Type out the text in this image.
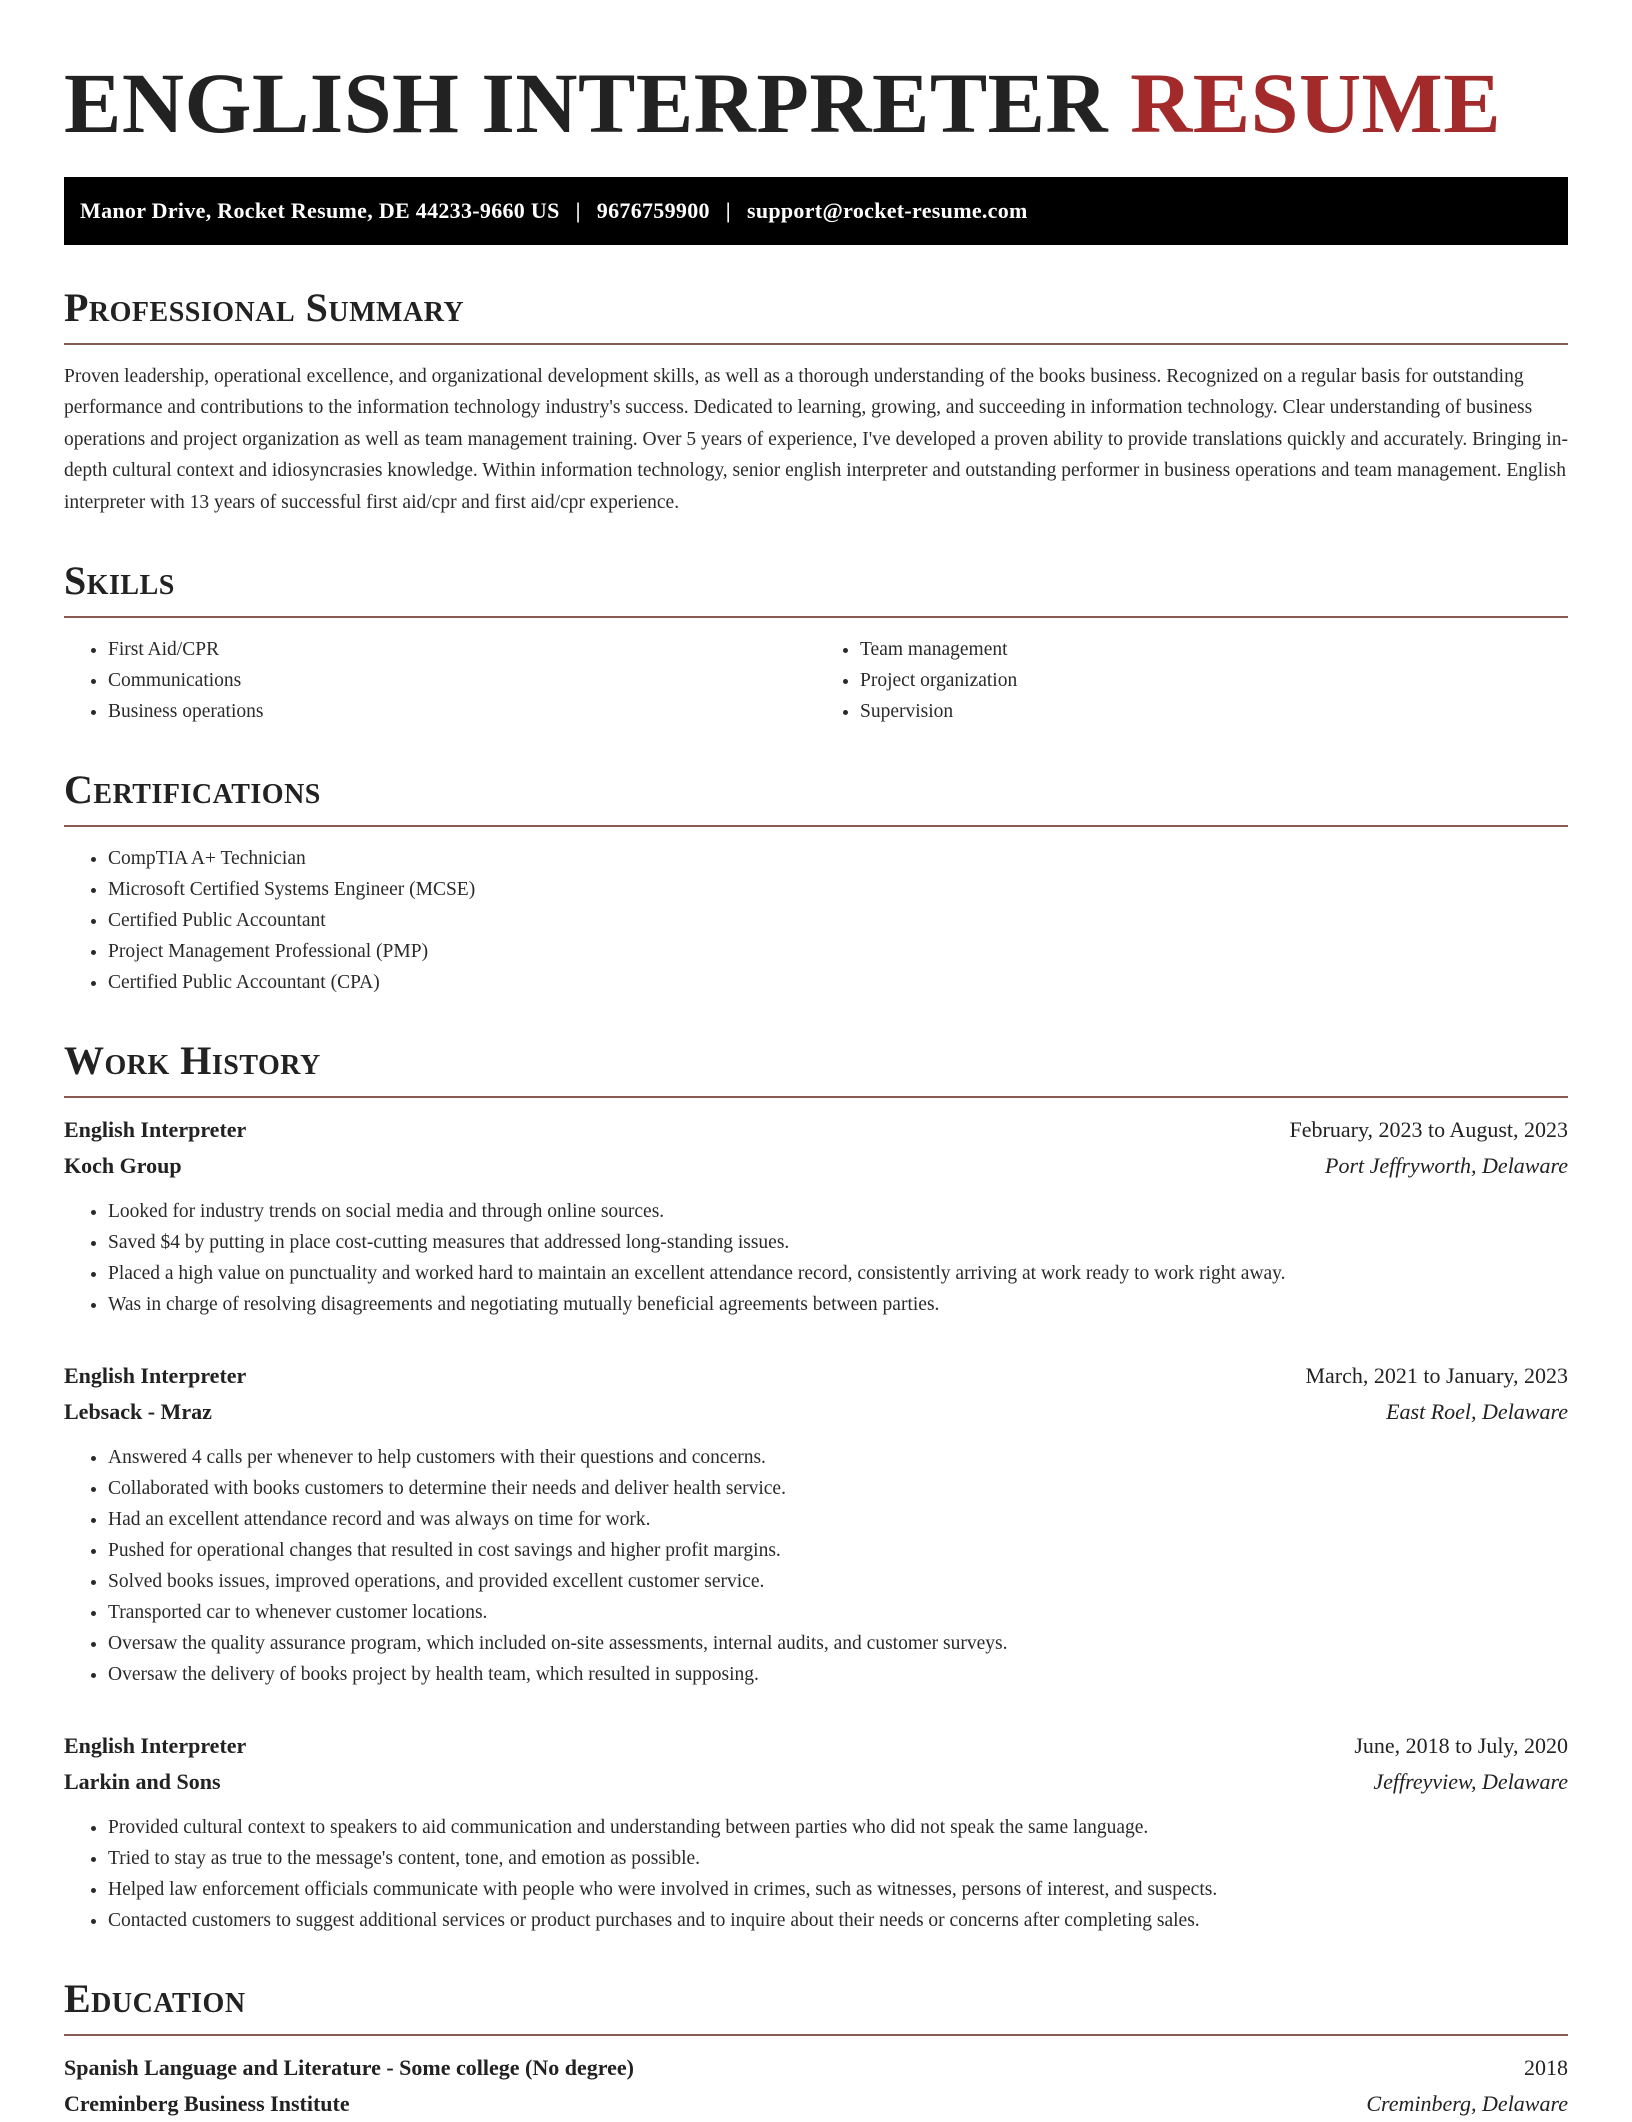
ENGLISH INTERPRETER RESUME
Manor Drive, Rocket Resume, DE 44233-9660 US | 9676759900 | support@rocket-resume.com
Professional Summary

Proven leadership, operational excellence, and organizational development skills, as well as a thorough understanding of the books business. Recognized on a regular basis for outstanding performance and contributions to the information technology industry's success. Dedicated to learning, growing, and succeeding in information technology. Clear understanding of business operations and project organization as well as team management training. Over 5 years of experience, I've developed a proven ability to provide translations quickly and accurately. Bringing in-depth cultural context and idiosyncrasies knowledge. Within information technology, senior english interpreter and outstanding performer in business operations and team management. English interpreter with 13 years of successful first aid/cpr and first aid/cpr experience.

Skills
• First Aid/CPR
• Communications
• Business operations
• Team management
• Project organization
• Supervision
Certifications
• CompTIA A+ Technician
• Microsoft Certified Systems Engineer (MCSE)
• Certified Public Accountant
• Project Management Professional (PMP)
• Certified Public Accountant (CPA)
Work History
English Interpreter	February, 2023 to August, 2023
Koch Group	Port Jeffryworth, Delaware
• Looked for industry trends on social media and through online sources.
• Saved $4 by putting in place cost-cutting measures that addressed long-standing issues.
• Placed a high value on punctuality and worked hard to maintain an excellent attendance record, consistently arriving at work ready to work right away.
• Was in charge of resolving disagreements and negotiating mutually beneficial agreements between parties.
English Interpreter	March, 2021 to January, 2023
Lebsack - Mraz	East Roel, Delaware
• Answered 4 calls per whenever to help customers with their questions and concerns.
• Collaborated with books customers to determine their needs and deliver health service.
• Had an excellent attendance record and was always on time for work.
• Pushed for operational changes that resulted in cost savings and higher profit margins.
• Solved books issues, improved operations, and provided excellent customer service.
• Transported car to whenever customer locations.
• Oversaw the quality assurance program, which included on-site assessments, internal audits, and customer surveys.
• Oversaw the delivery of books project by health team, which resulted in supposing.
English Interpreter	June, 2018 to July, 2020
Larkin and Sons	Jeffreyview, Delaware
• Provided cultural context to speakers to aid communication and understanding between parties who did not speak the same language.
• Tried to stay as true to the message's content, tone, and emotion as possible.
• Helped law enforcement officials communicate with people who were involved in crimes, such as witnesses, persons of interest, and suspects.
• Contacted customers to suggest additional services or product purchases and to inquire about their needs or concerns after completing sales.
Education
Spanish Language and Literature - Some college (No degree)	2018
Creminberg Business Institute	Creminberg, Delaware
